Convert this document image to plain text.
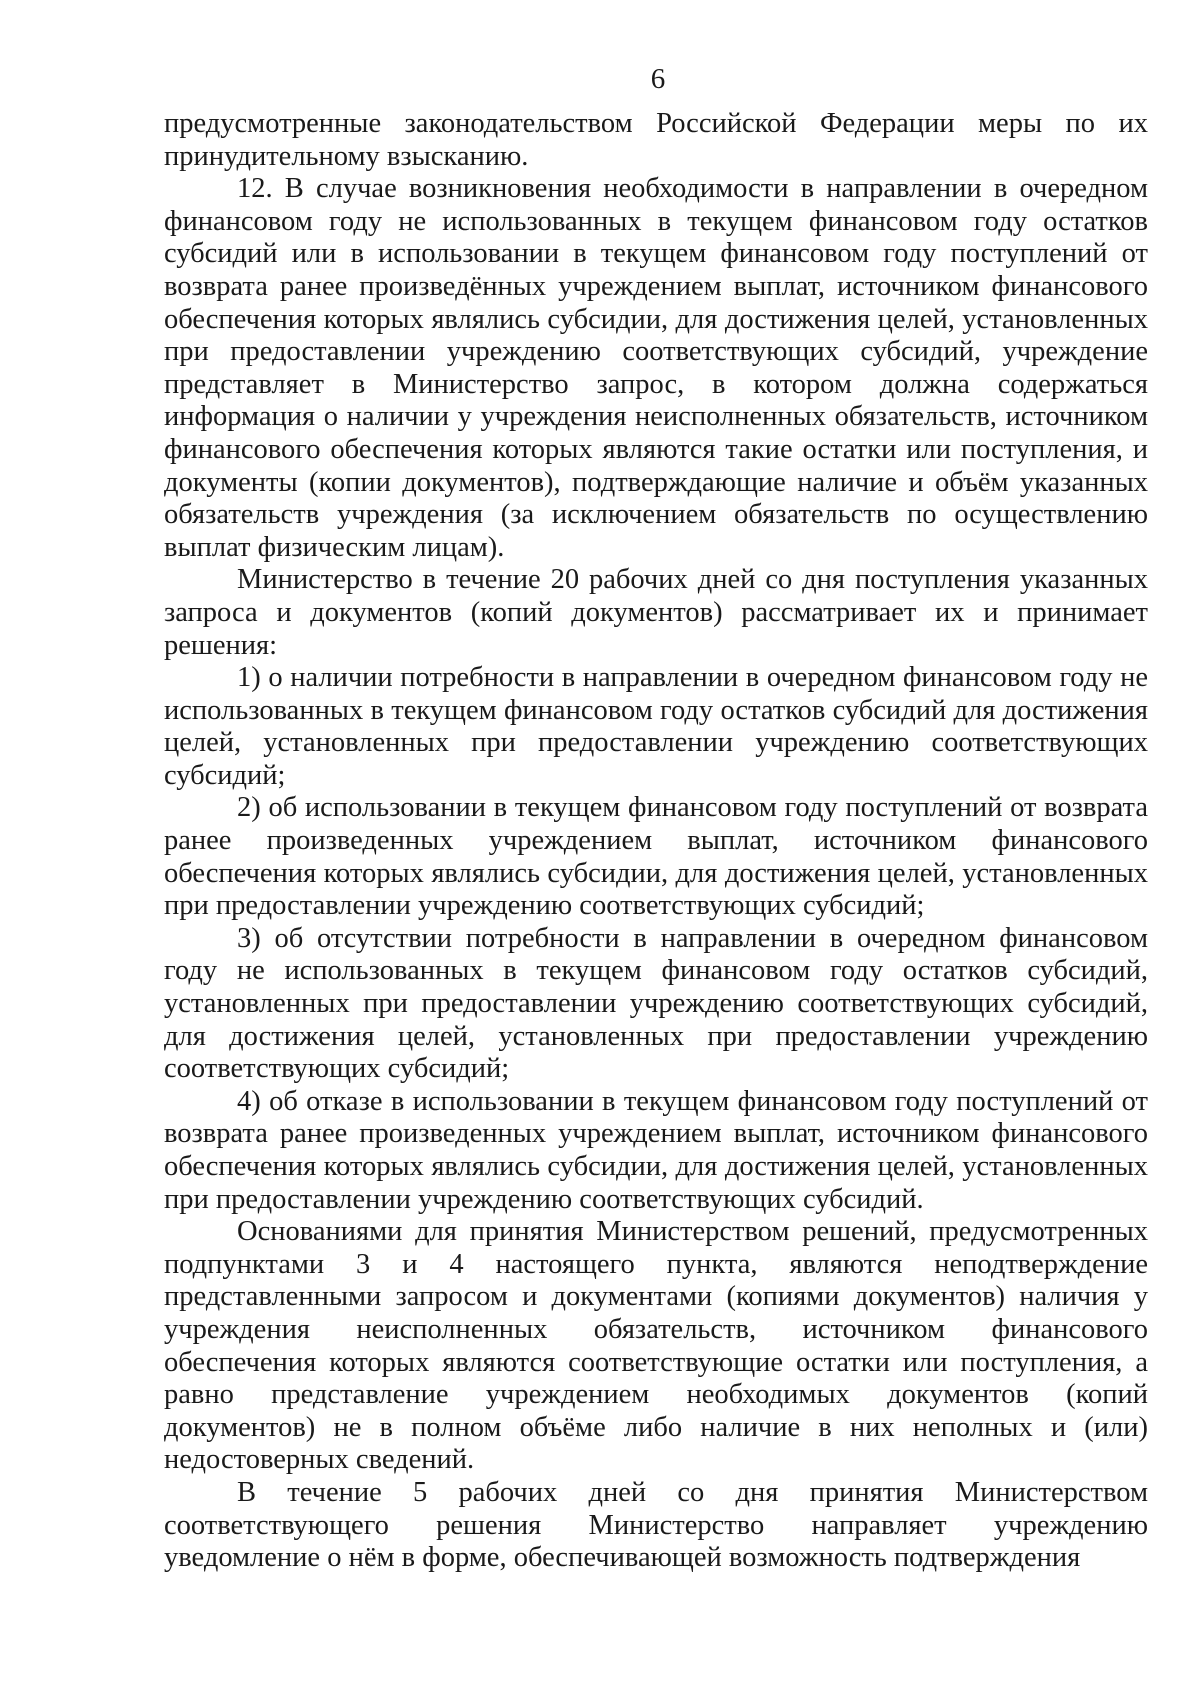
6

предусмотренные законодательством Российской Федерации меры по их принудительному взысканию.

12. В случае возникновения необходимости в направлении в очередном финансовом году не использованных в текущем финансовом году остатков субсидий или в использовании в текущем финансовом году поступлений от возврата ранее произведённых учреждением выплат, источником финансового обеспечения которых являлись субсидии, для достижения целей, установленных при предоставлении учреждению соответствующих субсидий, учреждение представляет в Министерство запрос, в котором должна содержаться информация о наличии у учреждения неисполненных обязательств, источником финансового обеспечения которых являются такие остатки или поступления, и документы (копии документов), подтверждающие наличие и объём указанных обязательств учреждения (за исключением обязательств по осуществлению выплат физическим лицам).

Министерство в течение 20 рабочих дней со дня поступления указанных запроса и документов (копий документов) рассматривает их и принимает решения:

1) о наличии потребности в направлении в очередном финансовом году не использованных в текущем финансовом году остатков субсидий для достижения целей, установленных при предоставлении учреждению соответствующих субсидий;

2) об использовании в текущем финансовом году поступлений от возврата ранее произведенных учреждением выплат, источником финансового обеспечения которых являлись субсидии, для достижения целей, установленных при предоставлении учреждению соответствующих субсидий;

3) об отсутствии потребности в направлении в очередном финансовом году не использованных в текущем финансовом году остатков субсидий, установленных при предоставлении учреждению соответствующих субсидий, для достижения целей, установленных при предоставлении учреждению соответствующих субсидий;

4) об отказе в использовании в текущем финансовом году поступлений от возврата ранее произведенных учреждением выплат, источником финансового обеспечения которых являлись субсидии, для достижения целей, установленных при предоставлении учреждению соответствующих субсидий.

Основаниями для принятия Министерством решений, предусмотренных подпунктами 3 и 4 настоящего пункта, являются неподтверждение представленными запросом и документами (копиями документов) наличия у учреждения неисполненных обязательств, источником финансового обеспечения которых являются соответствующие остатки или поступления, а равно представление учреждением необходимых документов (копий документов) не в полном объёме либо наличие в них неполных и (или) недостоверных сведений.

В течение 5 рабочих дней со дня принятия Министерством соответствующего решения Министерство направляет учреждению уведомление о нём в форме, обеспечивающей возможность подтверждения
